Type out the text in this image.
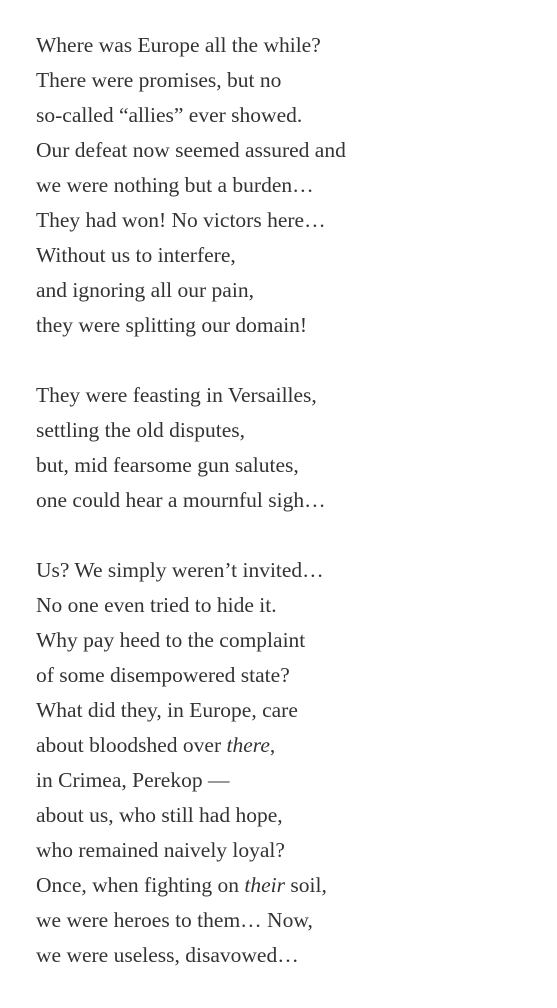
Where was Europe all the while?
There were promises, but no
so-called “allies” ever showed.
Our defeat now seemed assured and
we were nothing but a burden…
They had won! No victors here…
Without us to interfere,
and ignoring all our pain,
they were splitting our domain!
They were feasting in Versailles,
settling the old disputes,
but, mid fearsome gun salutes,
one could hear a mournful sigh…
Us? We simply weren’t invited…
No one even tried to hide it.
Why pay heed to the complaint
of some disempowered state?
What did they, in Europe, care
about bloodshed over there,
in Crimea, Perekop —
about us, who still had hope,
who remained naively loyal?
Once, when fighting on their soil,
we were heroes to them… Now,
we were useless, disavowed…
